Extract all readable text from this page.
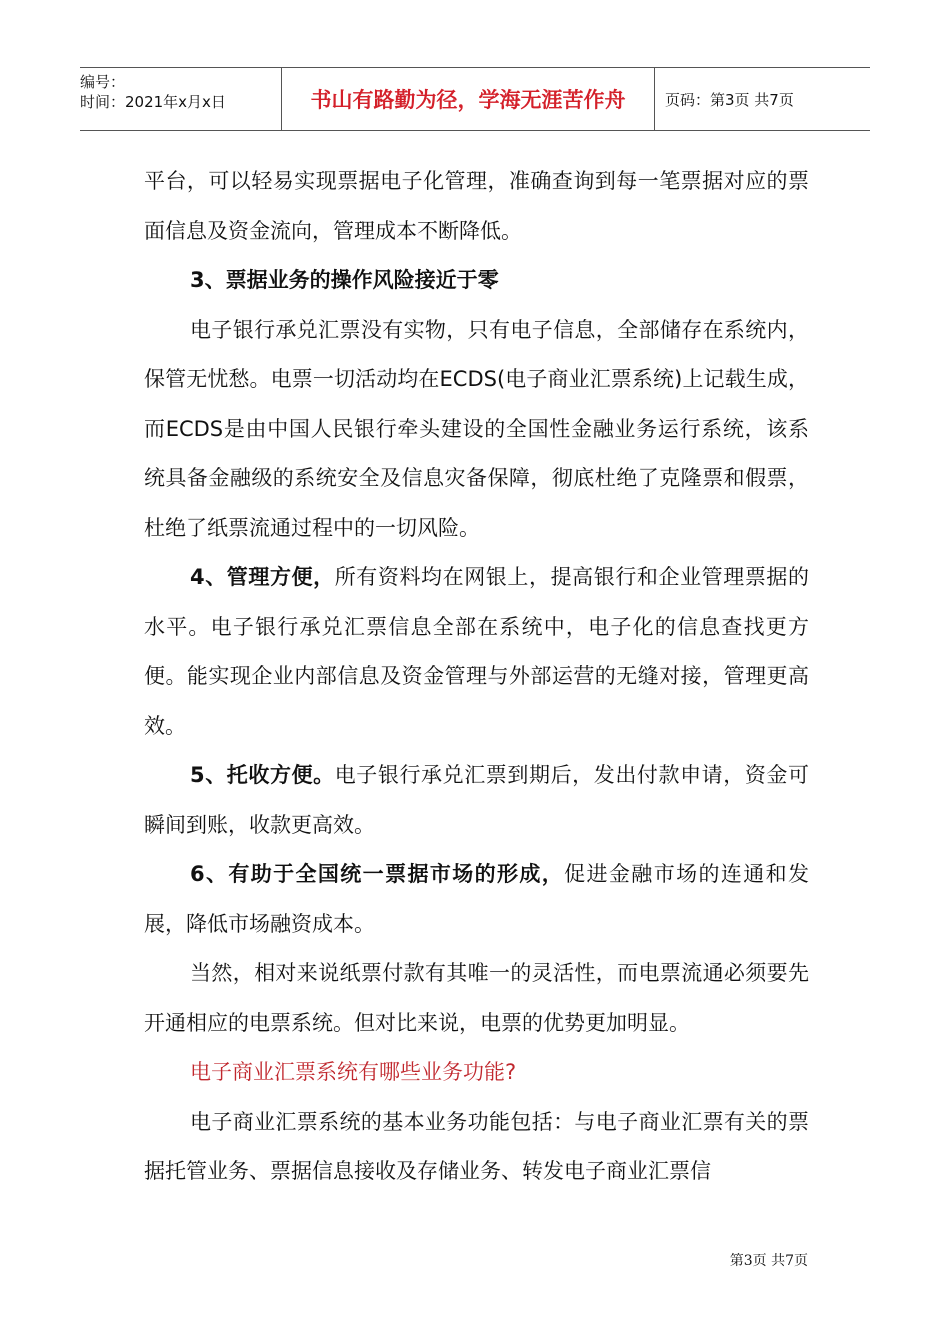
编号：
时间：2021年x月x日	书山有路勤为径，学海无涯苦作舟	页码：第3页 共7页

平台，可以轻易实现票据电子化管理，准确查询到每一笔票据对应的票面信息及资金流向，管理成本不断降低。

3、票据业务的操作风险接近于零

电子银行承兑汇票没有实物，只有电子信息，全部储存在系统内，保管无忧愁。电票一切活动均在ECDS(电子商业汇票系统)上记载生成，而ECDS是由中国人民银行牵头建设的全国性金融业务运行系统，该系统具备金融级的系统安全及信息灾备保障，彻底杜绝了克隆票和假票，杜绝了纸票流通过程中的一切风险。

4、管理方便，所有资料均在网银上，提高银行和企业管理票据的水平。电子银行承兑汇票信息全部在系统中，电子化的信息查找更方便。能实现企业内部信息及资金管理与外部运营的无缝对接，管理更高效。

5、托收方便。电子银行承兑汇票到期后，发出付款申请，资金可瞬间到账，收款更高效。

6、有助于全国统一票据市场的形成，促进金融市场的连通和发展，降低市场融资成本。

当然，相对来说纸票付款有其唯一的灵活性，而电票流通必须要先开通相应的电票系统。但对比来说，电票的优势更加明显。

电子商业汇票系统有哪些业务功能?

电子商业汇票系统的基本业务功能包括：与电子商业汇票有关的票据托管业务、票据信息接收及存储业务、转发电子商业汇票信

第3页 共7页
